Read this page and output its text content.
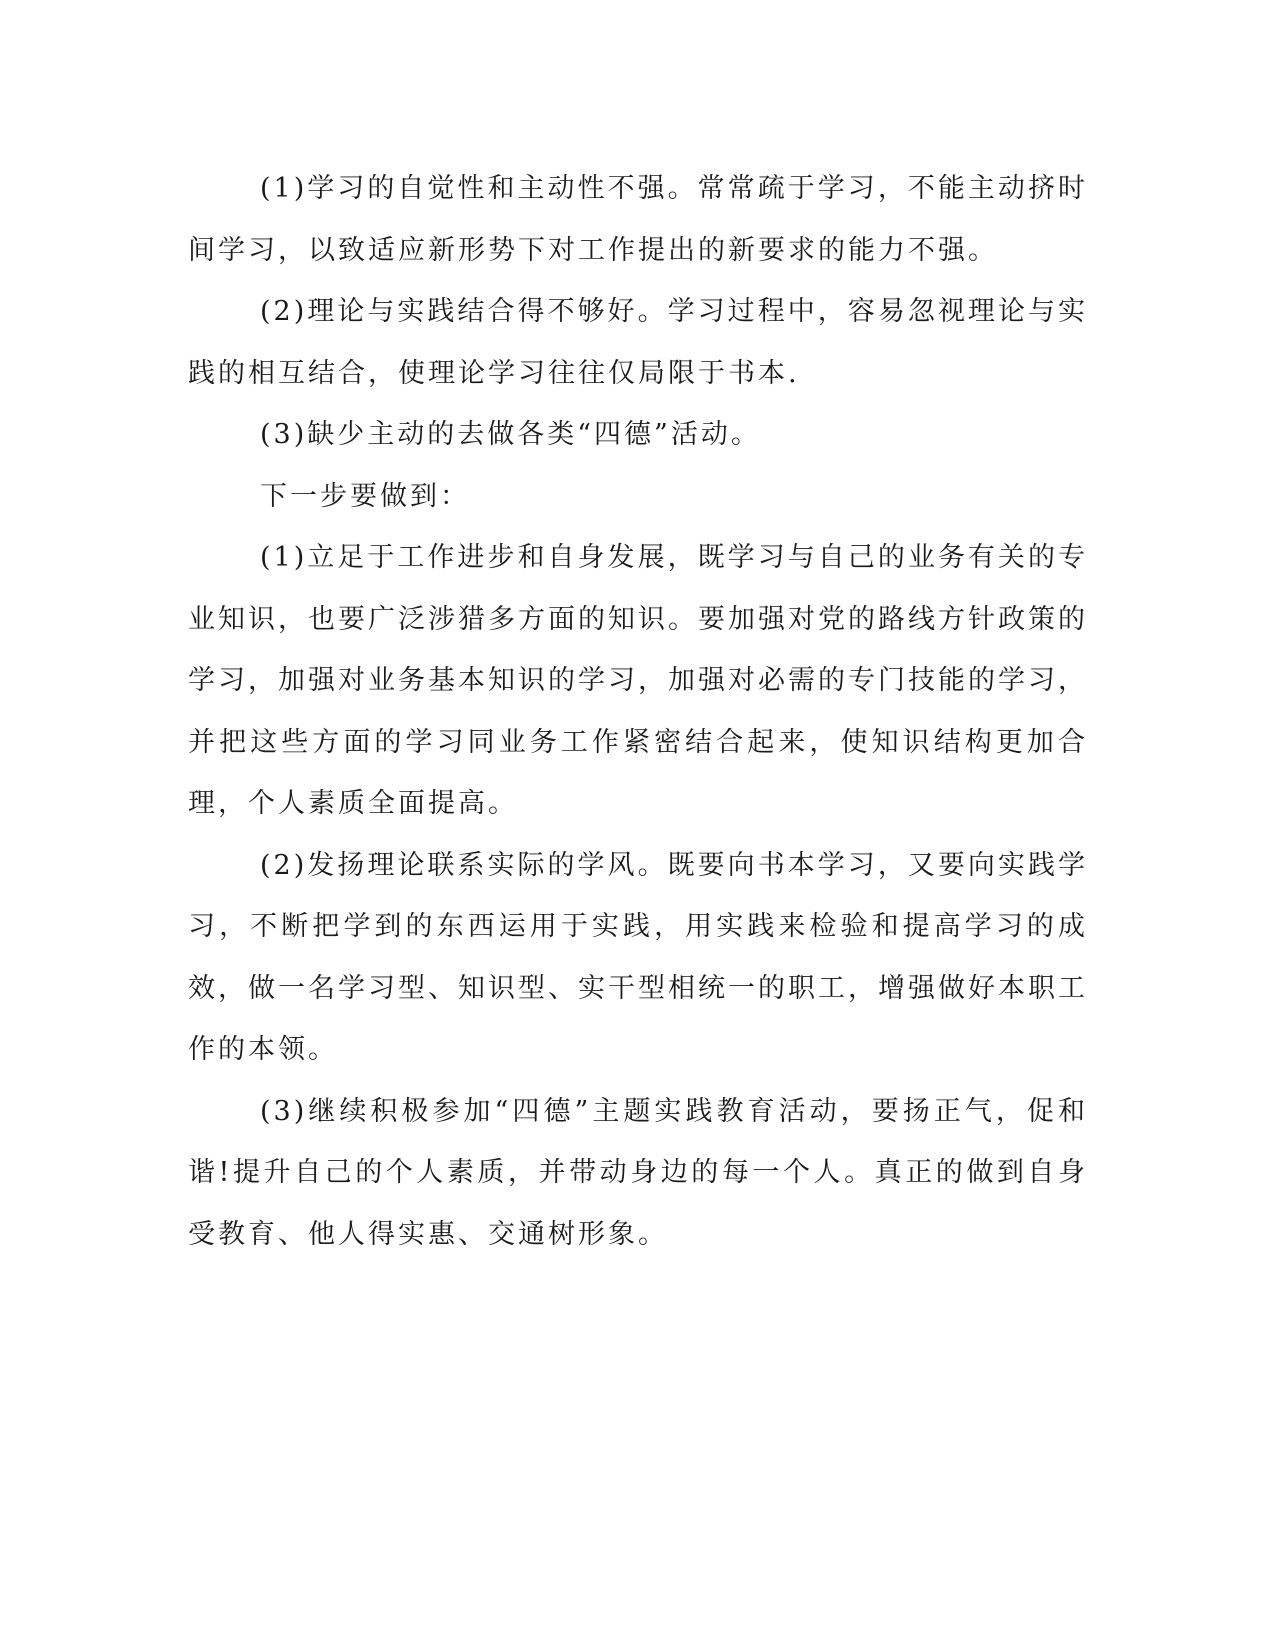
(1)学习的自觉性和主动性不强。常常疏于学习，不能主动挤时间学习，以致适应新形势下对工作提出的新要求的能力不强。

(2)理论与实践结合得不够好。学习过程中，容易忽视理论与实践的相互结合，使理论学习往往仅局限于书本.

(3)缺少主动的去做各类“四德”活动。

下一步要做到：

(1)立足于工作进步和自身发展，既学习与自己的业务有关的专业知识，也要广泛涉猎多方面的知识。要加强对党的路线方针政策的学习，加强对业务基本知识的学习，加强对必需的专门技能的学习，并把这些方面的学习同业务工作紧密结合起来，使知识结构更加合理，个人素质全面提高。

(2)发扬理论联系实际的学风。既要向书本学习，又要向实践学习，不断把学到的东西运用于实践，用实践来检验和提高学习的成效，做一名学习型、知识型、实干型相统一的职工，增强做好本职工作的本领。

(3)继续积极参加“四德”主题实践教育活动，要扬正气，促和谐!提升自己的个人素质，并带动身边的每一个人。真正的做到自身受教育、他人得实惠、交通树形象。
